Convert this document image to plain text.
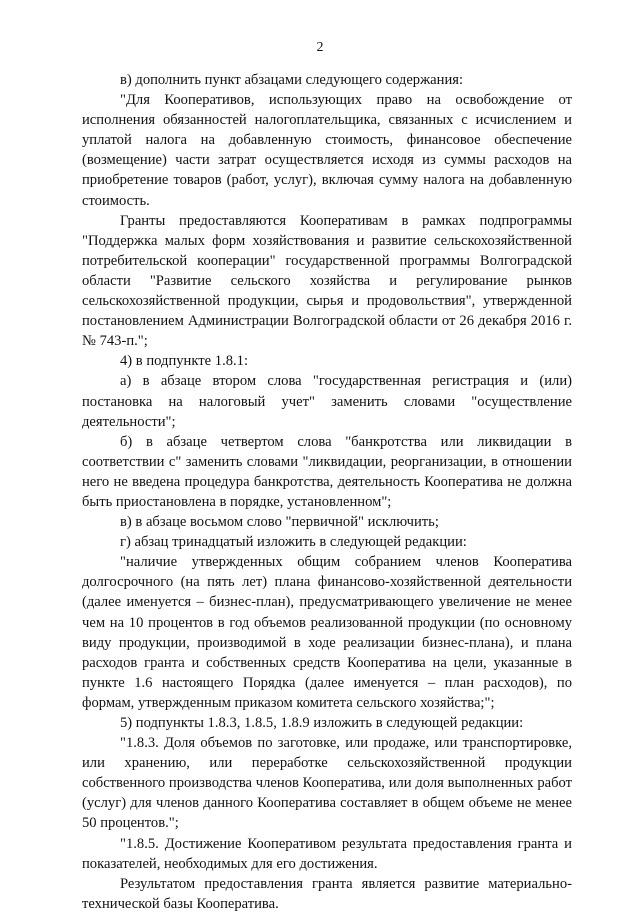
2

в) дополнить пункт абзацами следующего содержания:

"Для Кооперативов, использующих право на освобождение от исполнения обязанностей налогоплательщика, связанных с исчислением и уплатой налога на добавленную стоимость, финансовое обеспечение (возмещение) части затрат осуществляется исходя из суммы расходов на приобретение товаров (работ, услуг), включая сумму налога на добавленную стоимость.

Гранты предоставляются Кооперативам в рамках подпрограммы "Поддержка малых форм хозяйствования и развитие сельскохозяйственной потребительской кооперации" государственной программы Волгоградской области "Развитие сельского хозяйства и регулирование рынков сельскохозяйственной продукции, сырья и продовольствия", утвержденной постановлением Администрации Волгоградской области от 26 декабря 2016 г. № 743-п.";

4) в подпункте 1.8.1:

а) в абзаце втором слова "государственная регистрация и (или) постановка на налоговый учет" заменить словами "осуществление деятельности";

б) в абзаце четвертом слова "банкротства или ликвидации в соответствии с" заменить словами "ликвидации, реорганизации, в отношении него не введена процедура банкротства, деятельность Кооператива не должна быть приостановлена в порядке, установленном";

в) в абзаце восьмом слово "первичной" исключить;

г) абзац тринадцатый изложить в следующей редакции:

"наличие утвержденных общим собранием членов Кооператива долгосрочного (на пять лет) плана финансово-хозяйственной деятельности (далее именуется – бизнес-план), предусматривающего увеличение не менее чем на 10 процентов в год объемов реализованной продукции (по основному виду продукции, производимой в ходе реализации бизнес-плана), и плана расходов гранта и собственных средств Кооператива на цели, указанные в пункте 1.6 настоящего Порядка (далее именуется – план расходов), по формам, утвержденным приказом комитета сельского хозяйства;";

5) подпункты 1.8.3, 1.8.5, 1.8.9 изложить в следующей редакции:

"1.8.3. Доля объемов по заготовке, или продаже, или транспортировке, или хранению, или переработке сельскохозяйственной продукции собственного производства членов Кооператива, или доля выполненных работ (услуг) для членов данного Кооператива составляет в общем объеме не менее 50 процентов.";

"1.8.5. Достижение Кооперативом результата предоставления гранта и показателей, необходимых для его достижения.

Результатом предоставления гранта является развитие материально-технической базы Кооператива.
